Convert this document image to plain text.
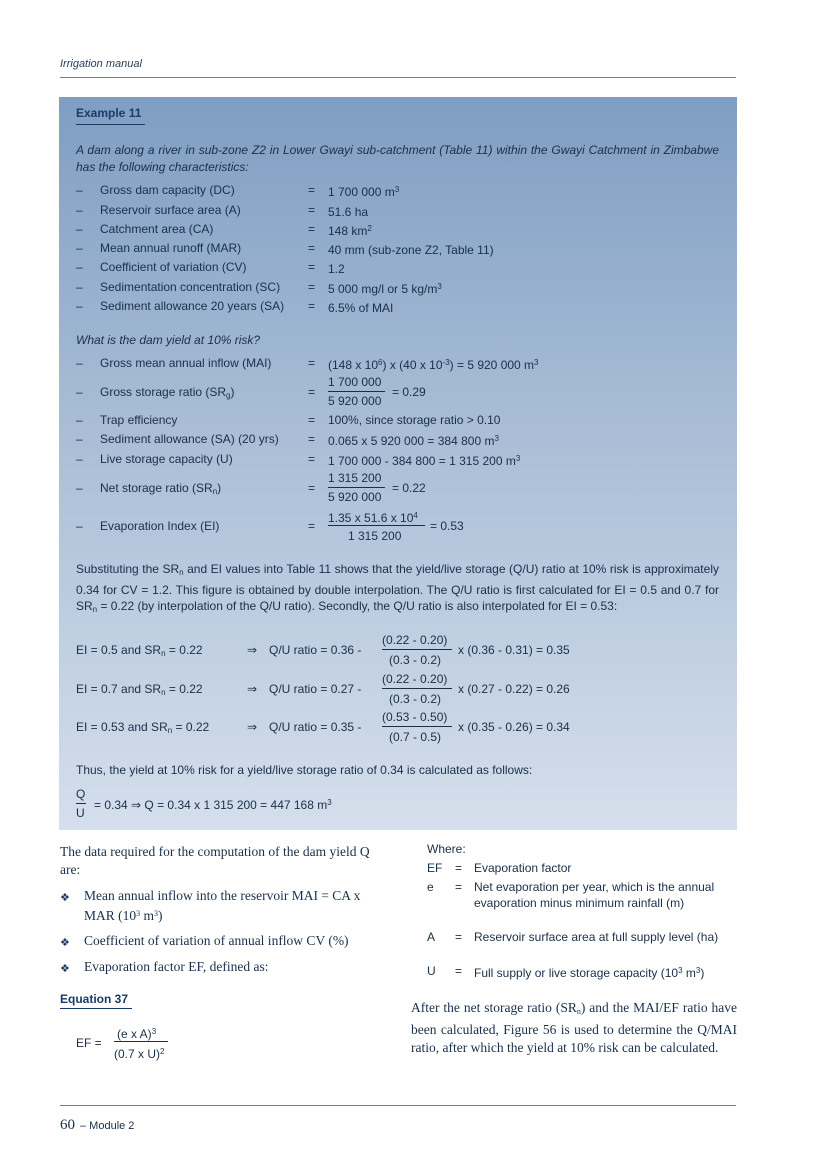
Irrigation manual
Example 11
A dam along a river in sub-zone Z2 in Lower Gwayi sub-catchment (Table 11) within the Gwayi Catchment in Zimbabwe has the following characteristics:
– Gross dam capacity (DC)	= 1 700 000 $m^3$
– Reservoir surface area (A)	= 51.6 ha
– Catchment area (CA)	= 148 $km^2$
– Mean annual runoff (MAR)	= 40 mm (sub-zone Z2, Table 11)
– Coefficient of variation (CV)	= 1.2
– Sedimentation concentration (SC) = 5 000 mg/l or 5 $kg/m^3$
– Sediment allowance 20 years (SA) = 6.5% of MAI
What is the dam yield at 10% risk?
– Gross mean annual inflow (MAI)	= (148 x $10^6$) x (40 x $10^{-3}) = 5$ 920 000 $m^3$
– Gross storage ratio $(SR_g)$	=
1 700 000
5 920 000
= 0.29
– Trap efficiency	= 100%, since storage ratio > 0.10
– Sediment allowance (SA) (20 yrs) = 0.065 x 5 920 000 = 384 800 $m^3$
– Live storage capacity (U)	= 1 700 000 - 384 800 = 1 315 200 $m^3$
– Net storage ratio $(SR_n)$	=
1 315 200
5 920 000
= 0.22
– Evaporation Index (EI)	=
1.35 x 51.6 x $10^4$
1 315 200
= 0.53
Substituting the $SR_n$ and EI values into Table 11 shows that the yield/live storage (Q/U) ratio at 10% risk is approximately 0.34 for CV = 1.2. This figure is obtained by double interpolation. The Q/U ratio is first calculated for EI = 0.5 and 0.7 for $SR_n = 0.22$ (by interpolation of the Q/U ratio). Secondly, the Q/U ratio is also interpolated for EI = 0.53:
EI = 0.5 and $SR_n = 0.22$	⇒ Q/U ratio = 0.36 -
(0.22 - 0.20)
(0.3 - 0.2)
x (0.36 - 0.31) = 0.35
EI = 0.7 and $SR_n = 0.22$	⇒ Q/U ratio = 0.27 -
(0.22 - 0.20)
(0.3 - 0.2)
x (0.27 - 0.22) = 0.26
EI = 0.53 and $SR_n = 0.22$	⇒ Q/U ratio = 0.35 -
(0.53 - 0.50)
(0.7 - 0.5)
x (0.35 - 0.26) = 0.34
Thus, the yield at 10% risk for a yield/live storage ratio of 0.34 is calculated as follows:
Q
U
= 0.34 ⇒ Q = 0.34 x 1 315 200 = 447 168 $m^3$
The data required for the computation of the dam yield Q are:
❖ Mean annual inflow into the reservoir MAI = CA x
MAR ($10^3$ $m^3$)
❖ Coefficient of variation of annual inflow CV (%)
❖ Evaporation factor EF, defined as:
Equation 37
EF =
(e x A)$^3$
(0.7 x U)$^2$
Where:
EF = Evaporation factor
e = Net evaporation per year, which is the annual evaporation minus minimum rainfall (m)
A = Reservoir surface area at full supply level (ha)
U = Full supply or live storage capacity ($10^3$ $m^3$)
After the net storage ratio $(SR_n)$ and the MAI/EF ratio have been calculated, Figure 56 is used to determine the Q/MAI ratio, after which the yield at 10% risk can be calculated.
60 – Module 2
